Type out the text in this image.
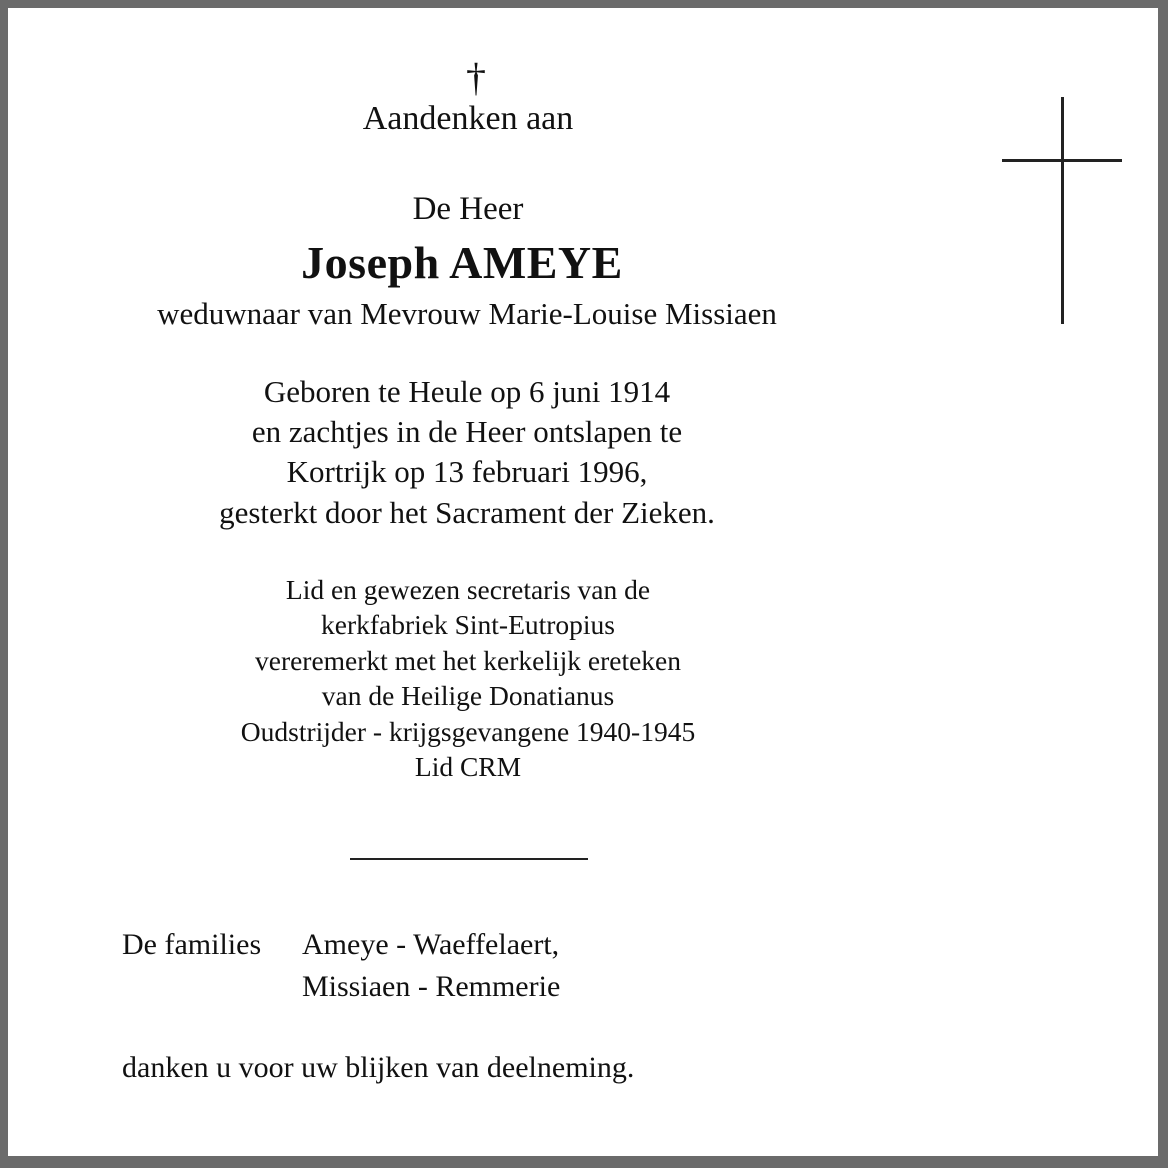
†
Aandenken aan
De Heer
Joseph AMEYE
weduwnaar van Mevrouw Marie-Louise Missiaen
Geboren te Heule op 6 juni 1914
en zachtjes in de Heer ontslapen te
Kortrijk op 13 februari 1996,
gesterkt door het Sacrament der Zieken.
Lid en gewezen secretaris van de
kerkfabriek Sint-Eutropius
vereremerkt met het kerkelijk ereteken
van de Heilige Donatianus
Oudstrijder - krijgsgevangene 1940-1945
Lid CRM
De families Ameye - Waeffelaert,
Missiaen - Remmerie
danken u voor uw blijken van deelneming.
